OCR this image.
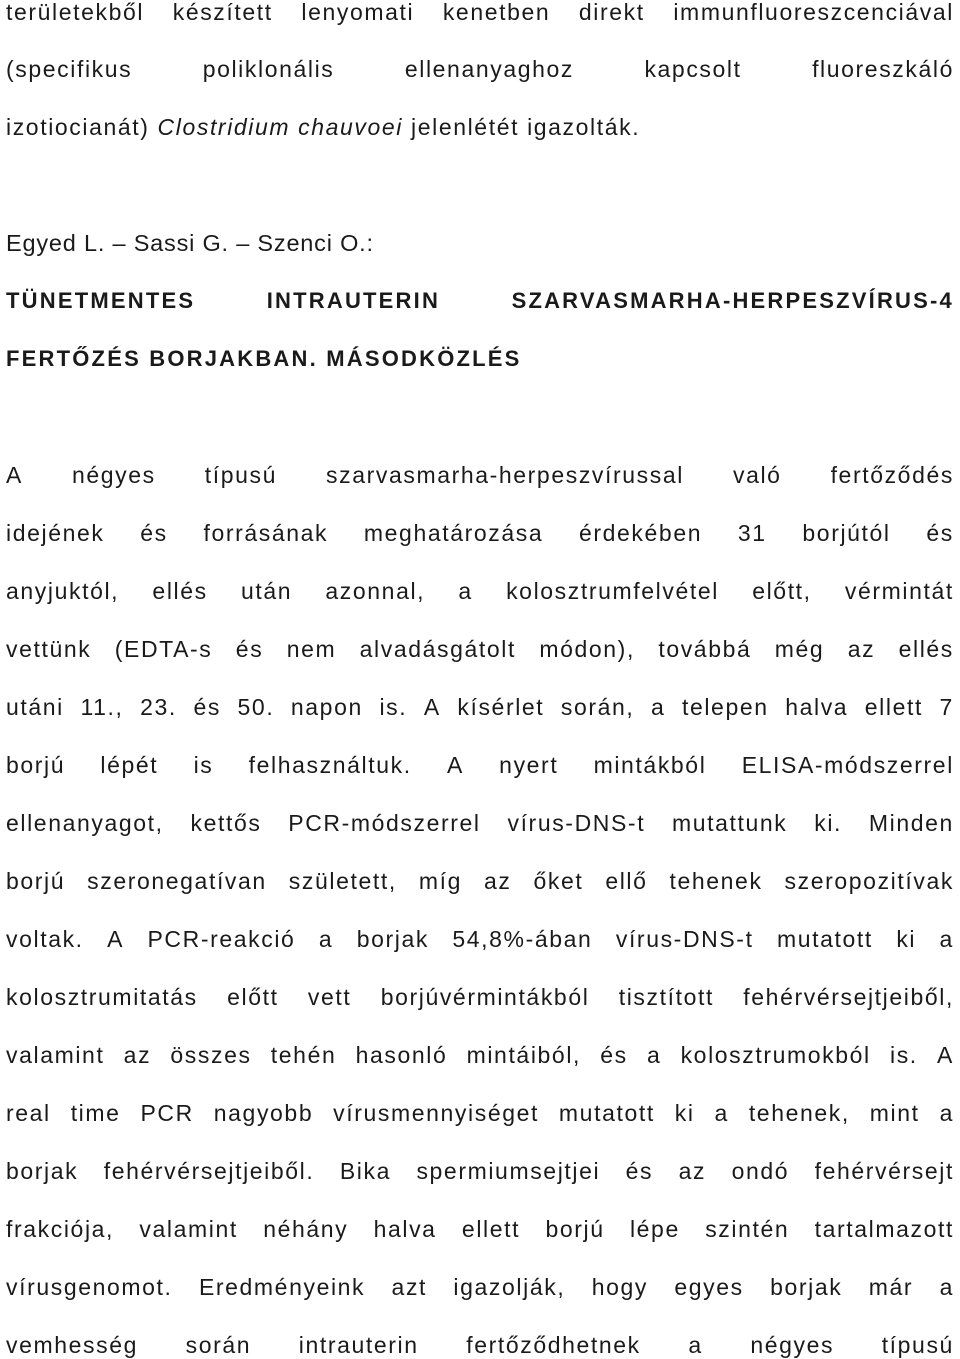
területekből készített lenyomati kenetben direkt immunfluoreszcenciával
(specifikus	poliklonális	ellenanyaghoz	kapcsolt	fluoreszkáló
izotiocianát) Clostridium chauvoei jelenlétét igazolták.
Egyed L. – Sassi G. – Szenci O.:
TÜNETMENTES	INTRAUTERIN	SZARVASMARHA-HERPESZVÍRUS-4
FERTŐZÉS BORJAKBAN. MÁSODKÖZLÉS
A négyes típusú szarvasmarha-herpeszvírussal való fertőződés
idejének és forrásának meghatározása érdekében 31 borjútól és
anyjuktól, ellés után azonnal, a kolosztrumfelvétel előtt, vérmintát
vettünk (EDTA-s és nem alvadásgátolt módon), továbbá még az ellés
utáni 11., 23. és 50. napon is. A kísérlet során, a telepen halva ellett 7
borjú lépét is felhasználtuk. A nyert mintákból ELISA-módszerrel
ellenanyagot, kettős PCR-módszerrel vírus-DNS-t mutattunk ki. Minden
borjú szeronegatívan született, míg az őket ellő tehenek szeropozitívak
voltak. A PCR-reakció a borjak 54,8%-ában vírus-DNS-t mutatott ki a
kolosztrumitatás előtt vett borjúvérmintákból tisztított fehérvérsejtjeiből,
valamint az összes tehén hasonló mintáiból, és a kolosztrumokból is. A
real time PCR nagyobb vírusmennyiséget mutatott ki a tehenek, mint a
borjak fehérvérsejtjeiből. Bika spermiumsejtjei és az ondó fehérvérsejt
frakciója, valamint néhány halva ellett borjú lépe szintén tartalmazott
vírusgenomot. Eredményeink azt igazolják, hogy egyes borjak már a
vemhesség során intrauterin fertőződhetnek a négyes típusú
